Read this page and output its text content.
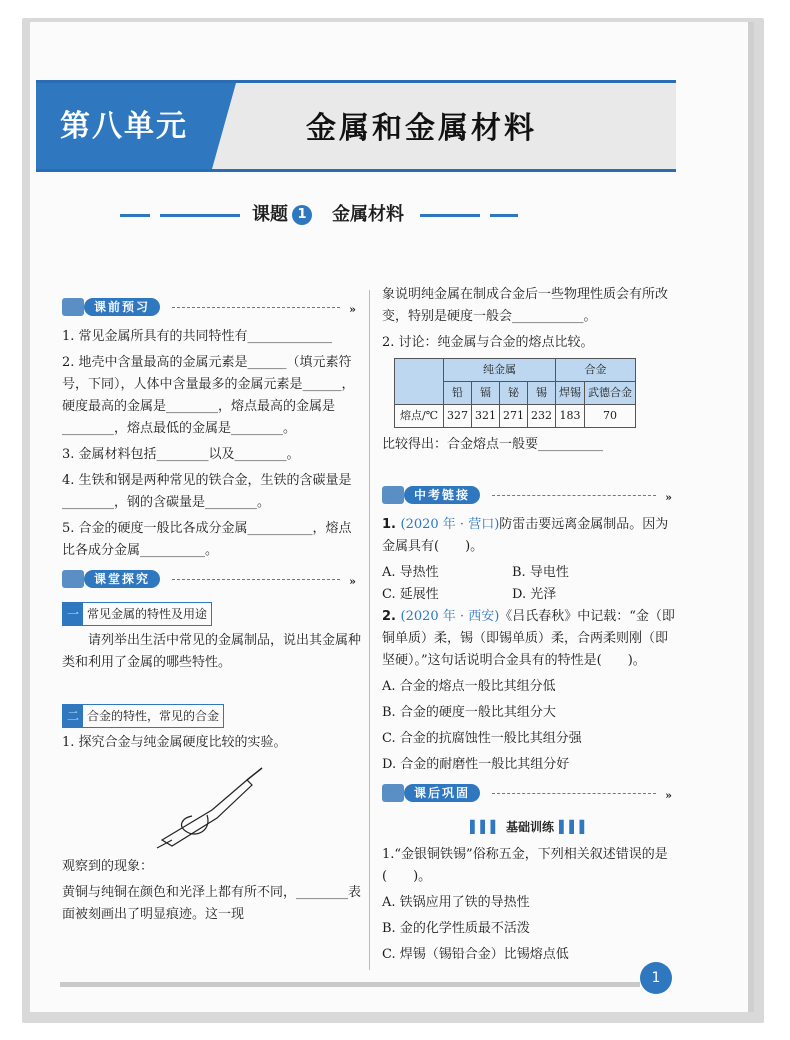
第八单元	金属和金属材料
课题 1 金属材料
课前预习	»
1. 常见金属所具有的共同特性有_____________
2. 地壳中含量最高的金属元素是______（填元素符号，下同），人体中含量最多的金属元素是______，硬度最高的金属是________，熔点最高的金属是________，熔点最低的金属是________。
3. 金属材料包括________以及________。
4. 生铁和钢是两种常见的铁合金，生铁的含碳量是________，钢的含碳量是________。
5. 合金的硬度一般比各成分金属__________，熔点比各成分金属__________。
课堂探究	»
一 常见金属的特性及用途
请列举出生活中常见的金属制品，说出其金属种类和利用了金属的哪些特性。
二 合金的特性，常见的合金
1. 探究合金与纯金属硬度比较的实验。
观察到的现象：
黄铜与纯铜在颜色和光泽上都有所不同，________表面被刻画出了明显痕迹。这一现
象说明纯金属在制成合金后一些物理性质会有所改变，特别是硬度一般会___________。
2. 讨论：纯金属与合金的熔点比较。
	纯金属				合金	
	铅	镉	铋	锡	焊锡	武德合金
熔点/℃	327	321	271	232	183	70
比较得出：合金熔点一般要__________
中考链接	»
1. (2020 年 · 营口)防雷击要远离金属制品。因为金属具有(　　)。
A. 导热性	B. 导电性
C. 延展性	D. 光泽
2. (2020 年 · 西安)《吕氏春秋》中记载：“金（即铜单质）柔，锡（即锡单质）柔，合两柔则刚（即坚硬）。”这句话说明合金具有的特性是(　　)。
A. 合金的熔点一般比其组分低
B. 合金的硬度一般比其组分大
C. 合金的抗腐蚀性一般比其组分强
D. 合金的耐磨性一般比其组分好
课后巩固	»
▌▌▌ 基础训练 ▌▌▌
1.“金银铜铁锡”俗称五金，下列相关叙述错误的是(　　)。
A. 铁锅应用了铁的导热性
B. 金的化学性质最不活泼
C. 焊锡（锡铅合金）比锡熔点低
1
